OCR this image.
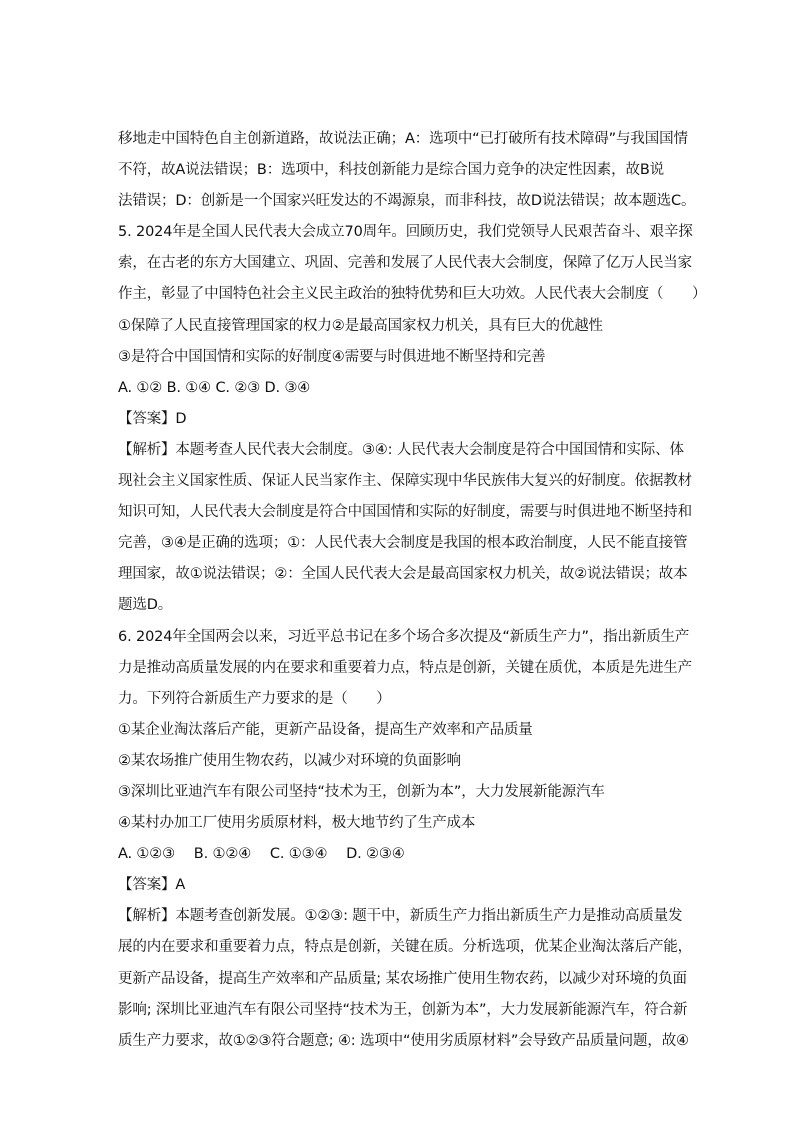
移地走中国特色自主创新道路，故说法正确；A：选项中“已打破所有技术障碍”与我国国情
不符，故A说法错误；B：选项中，科技创新能力是综合国力竞争的决定性因素，故B说
法错误；D：创新是一个国家兴旺发达的不竭源泉，而非科技，故D说法错误；故本题选C。
5. 2024年是全国人民代表大会成立70周年。回顾历史，我们党领导人民艰苦奋斗、艰辛探
索，在古老的东方大国建立、巩固、完善和发展了人民代表大会制度，保障了亿万人民当家
作主，彰显了中国特色社会主义民主政治的独特优势和巨大功效。人民代表大会制度（　　）
①保障了人民直接管理国家的权力②是最高国家权力机关，具有巨大的优越性
③是符合中国国情和实际的好制度④需要与时俱进地不断坚持和完善
A. ①② B. ①④ C. ②③ D. ③④
【答案】D
【解析】本题考查人民代表大会制度。③④: 人民代表大会制度是符合中国国情和实际、体
现社会主义国家性质、保证人民当家作主、保障实现中华民族伟大复兴的好制度。依据教材
知识可知，人民代表大会制度是符合中国国情和实际的好制度，需要与时俱进地不断坚持和
完善，③④是正确的选项；①：人民代表大会制度是我国的根本政治制度，人民不能直接管
理国家，故①说法错误；②：全国人民代表大会是最高国家权力机关，故②说法错误；故本
题选D。
6. 2024年全国两会以来，习近平总书记在多个场合多次提及“新质生产力”，指出新质生产
力是推动高质量发展的内在要求和重要着力点，特点是创新，关键在质优，本质是先进生产
力。下列符合新质生产力要求的是（　　）
①某企业淘汰落后产能，更新产品设备，提高生产效率和产品质量
②某农场推广使用生物农药，以减少对环境的负面影响
③深圳比亚迪汽车有限公司坚持“技术为王，创新为本”，大力发展新能源汽车
④某村办加工厂使用劣质原材料，极大地节约了生产成本
A. ①②③　 B. ①②④　 C. ①③④　 D. ②③④
【答案】A
【解析】本题考查创新发展。①②③: 题干中，新质生产力指出新质生产力是推动高质量发
展的内在要求和重要着力点，特点是创新，关键在质。分析选项，优某企业淘汰落后产能，
更新产品设备，提高生产效率和产品质量; 某农场推广使用生物农药，以减少对环境的负面
影响; 深圳比亚迪汽车有限公司坚持“技术为王，创新为本”，大力发展新能源汽车，符合新
质生产力要求，故①②③符合题意; ④: 选项中“使用劣质原材料”会导致产品质量问题，故④
